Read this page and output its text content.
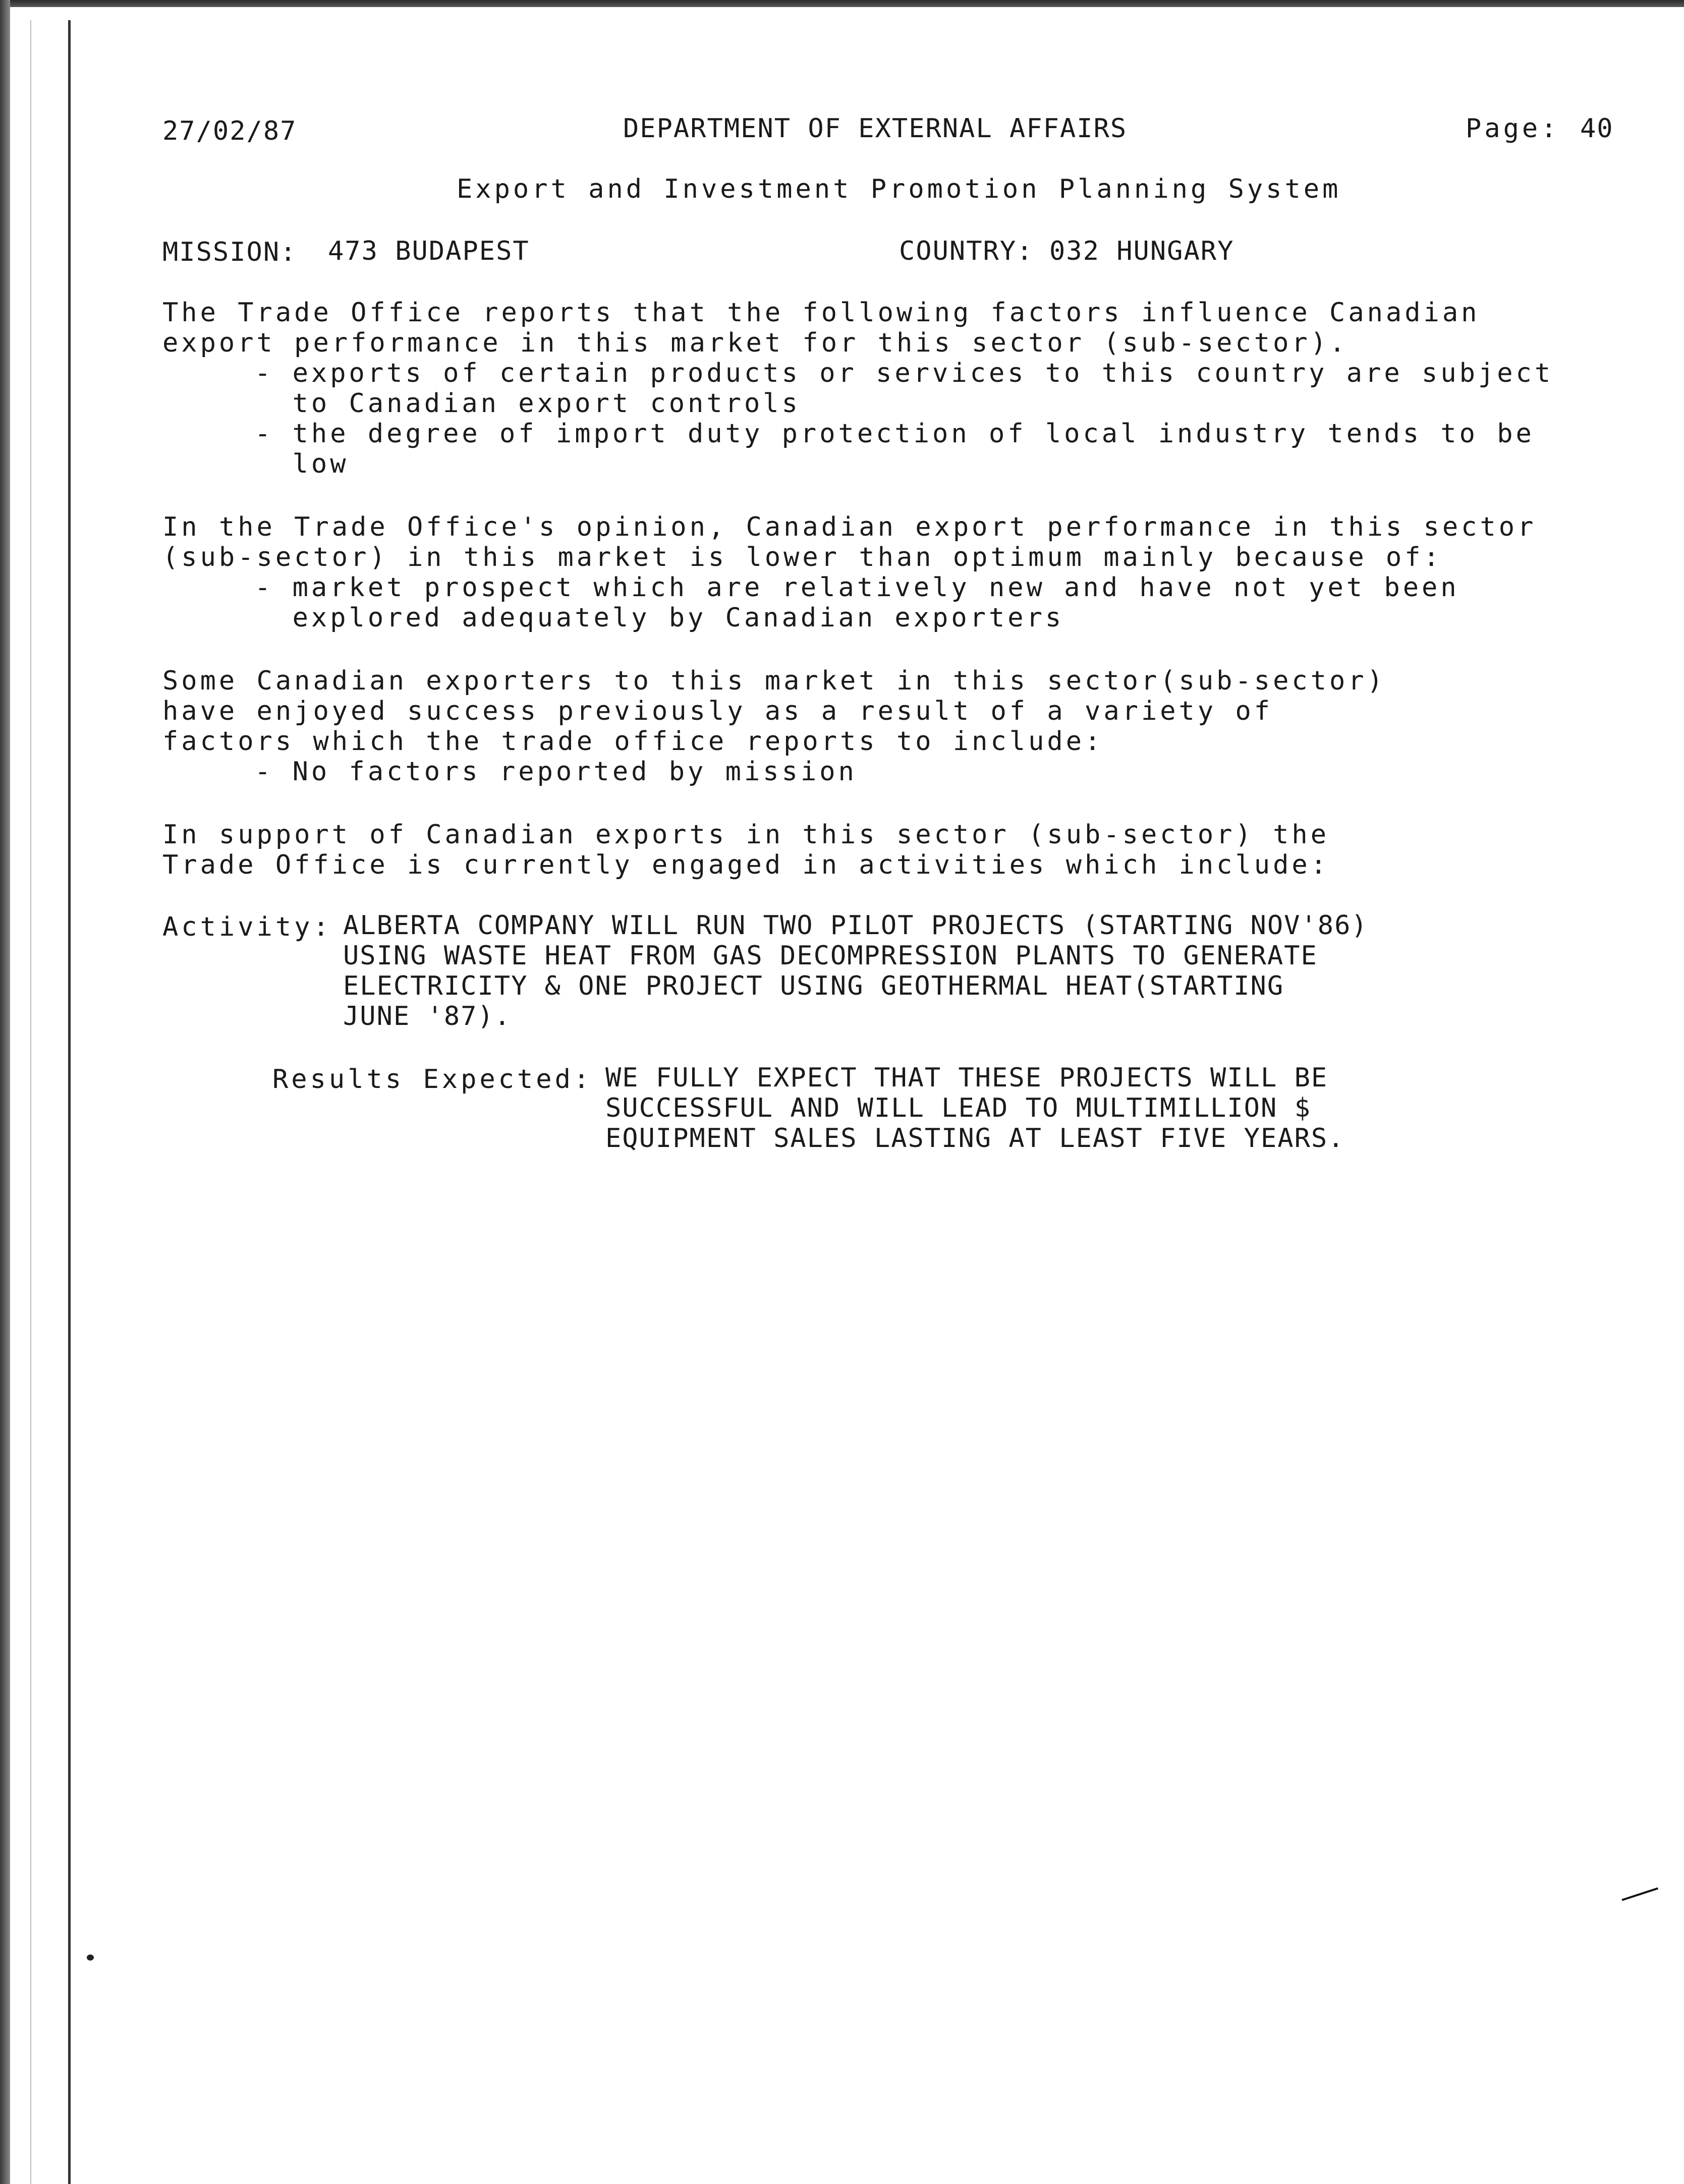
27/02/87	DEPARTMENT OF EXTERNAL AFFAIRS	Page: 40
Export and Investment Promotion Planning System
MISSION: 473 BUDAPEST	COUNTRY: 032 HUNGARY
The Trade Office reports that the following factors influence Canadian
export performance in this market for this sector (sub-sector).
- exports of certain products or services to this country are subject
to Canadian export controls
- the degree of import duty protection of local industry tends to be
low
In the Trade Office's opinion, Canadian export performance in this sector
(sub-sector) in this market is lower than optimum mainly because of:
- market prospect which are relatively new and have not yet been
explored adequately by Canadian exporters
Some Canadian exporters to this market in this sector(sub-sector)
have enjoyed success previously as a result of a variety of
factors which the trade office reports to include:
- No factors reported by mission
In support of Canadian exports in this sector (sub-sector) the
Trade Office is currently engaged in activities which include:
Activity: ALBERTA COMPANY WILL RUN TWO PILOT PROJECTS (STARTING NOV'86)
USING WASTE HEAT FROM GAS DECOMPRESSION PLANTS TO GENERATE
ELECTRICITY & ONE PROJECT USING GEOTHERMAL HEAT(STARTING
JUNE '87).
Results Expected: WE FULLY EXPECT THAT THESE PROJECTS WILL BE
SUCCESSFUL AND WILL LEAD TO MULTIMILLION $
EQUIPMENT SALES LASTING AT LEAST FIVE YEARS.
